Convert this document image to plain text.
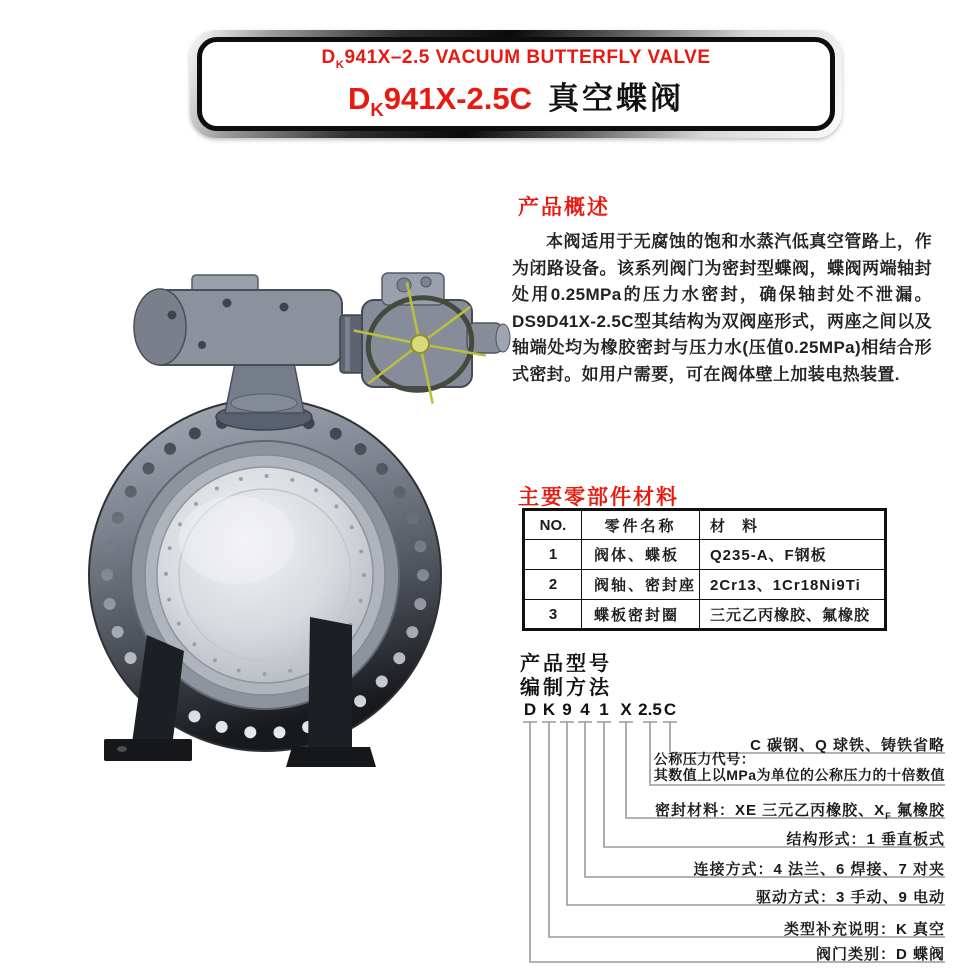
$D_K941X-2.5$ VACUUM BUTTERFLY VALVE
$D_K941X-2.5C$ 真空蝶阀
产品概述
本阀适用于无腐蚀的饱和水蒸汽低真空管路上，作为闭路设备。该系列阀门为密封型蝶阀，蝶阀两端轴封处用0.25MPa的压力水密封，确保轴封处不泄漏。DS9D41X-2.5C型其结构为双阀座形式，两座之间以及轴端处均为橡胶密封与压力水(压值0.25MPa)相结合形式密封。如用户需要，可在阀体壁上加装电热装置.
主要零部件材料
NO.	零件名称	材　料
1	阀体、蝶板	Q235-A、F钢板
2	阀轴、密封座	2Cr13、1Cr18Ni9Ti
3	蝶板密封圈	三元乙丙橡胶、氟橡胶
产品型号
编制方法
D K 9 4 1 X 2.5 C
C 碳钢、Q 球铁、铸铁省略
公称压力代号：
其数值上以MPa为单位的公称压力的十倍数值
密封材料：XE 三元乙丙橡胶、$X_F$ 氟橡胶
结构形式：1 垂直板式
连接方式：4 法兰、6 焊接、7 对夹
驱动方式：3 手动、9 电动
类型补充说明：K 真空
阀门类别：D 蝶阀
